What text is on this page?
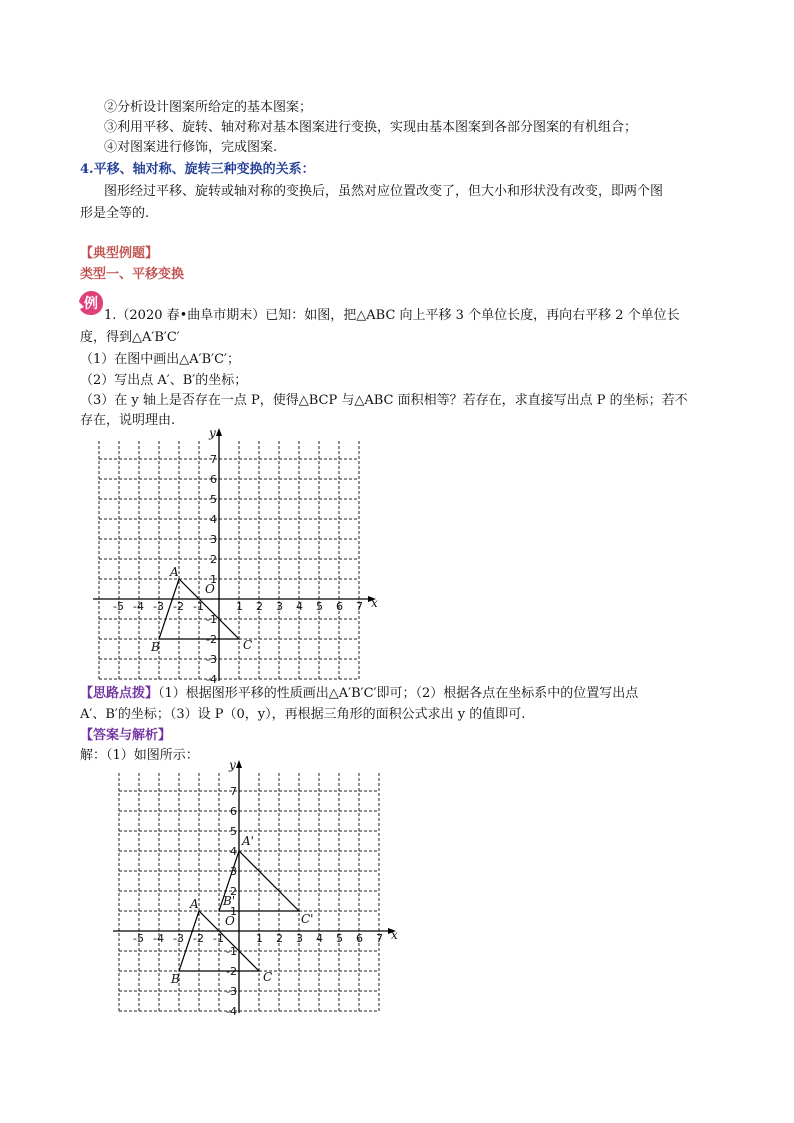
②分析设计图案所给定的基本图案；
③利用平移、旋转、轴对称对基本图案进行变换，实现由基本图案到各部分图案的有机组合；
④对图案进行修饰，完成图案.
4.平移、轴对称、旋转三种变换的关系：
图形经过平移、旋转或轴对称的变换后，虽然对应位置改变了，但大小和形状没有改变，即两个图
形是全等的.
【典型例题】
类型一、平移变换
例
1.（2020 春•曲阜市期末）已知：如图，把△ABC 向上平移 3 个单位长度，再向右平移 2 个单位长
度，得到△A′B′C′
（1）在图中画出△A′B′C′；
（2）写出点 A′、B′的坐标；
（3）在 y 轴上是否存在一点 P，使得△BCP 与△ABC 面积相等？若存在，求直接写出点 P 的坐标；若不
存在，说明理由.
x
y
O
-5 -4 -3 -2 -1	1 2 3 4 5 6 7
7
6
5
4
3
2
1
-1
-2
-3
-4
A
B	C
【思路点拨】（1）根据图形平移的性质画出△A′B′C′即可；（2）根据各点在坐标系中的位置写出点
A′、B′的坐标；（3）设 P（0，y），再根据三角形的面积公式求出 y 的值即可.
【答案与解析】
解：（1）如图所示：
x
y
O
-5 -4 -3 -2 -1	1 2 3 4 5 6 7
7
6
5
4
3
2
1
-1
-2
-3
-4
A
B	C
A'
B'
C'
